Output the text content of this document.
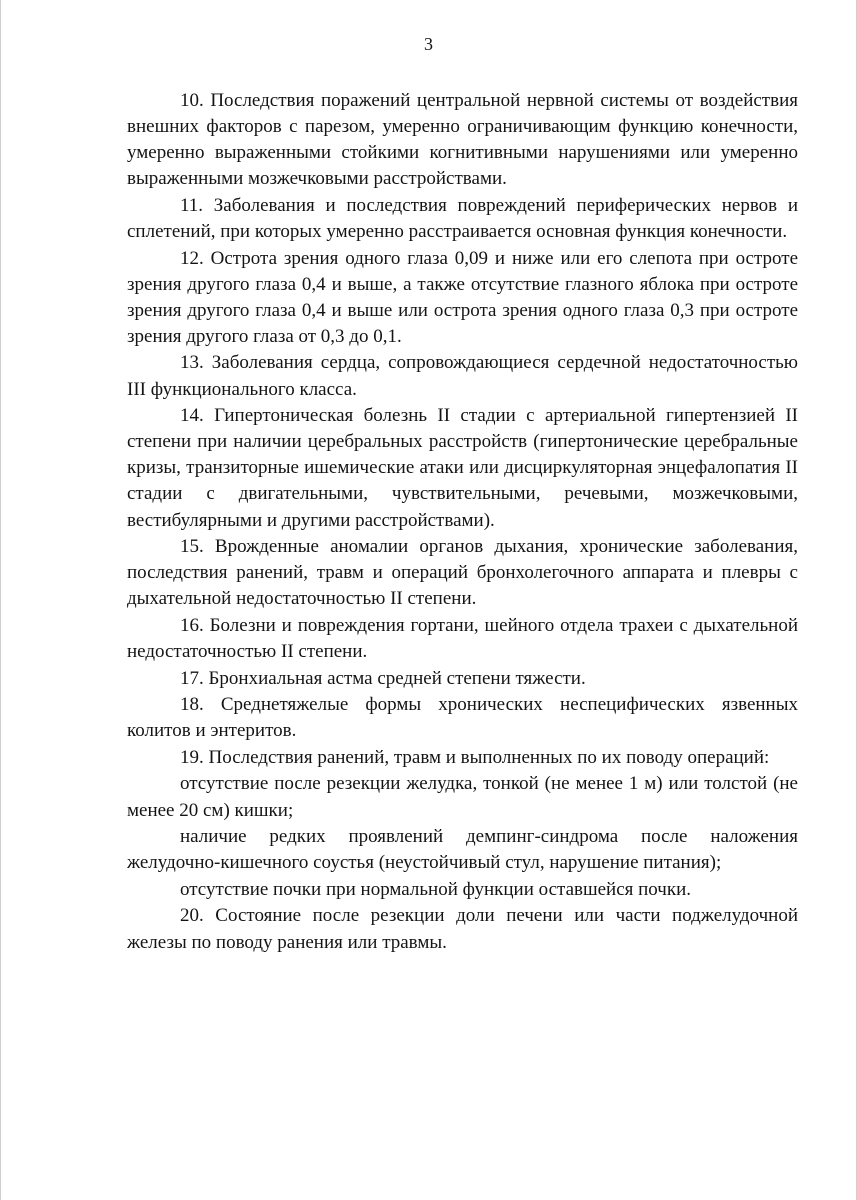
3

10. Последствия поражений центральной нервной системы от воздействия внешних факторов с парезом, умеренно ограничивающим функцию конечности, умеренно выраженными стойкими когнитивными нарушениями или умеренно выраженными мозжечковыми расстройствами.

11. Заболевания и последствия повреждений периферических нервов и сплетений, при которых умеренно расстраивается основная функция конечности.

12. Острота зрения одного глаза 0,09 и ниже или его слепота при остроте зрения другого глаза 0,4 и выше, а также отсутствие глазного яблока при остроте зрения другого глаза 0,4 и выше или острота зрения одного глаза 0,3 при остроте зрения другого глаза от 0,3 до 0,1.

13. Заболевания сердца, сопровождающиеся сердечной недостаточностью III функционального класса.

14. Гипертоническая болезнь II стадии с артериальной гипертензией II степени при наличии церебральных расстройств (гипертонические церебральные кризы, транзиторные ишемические атаки или дисциркуляторная энцефалопатия II стадии с двигательными, чувствительными, речевыми, мозжечковыми, вестибулярными и другими расстройствами).

15. Врожденные аномалии органов дыхания, хронические заболевания, последствия ранений, травм и операций бронхолегочного аппарата и плевры с дыхательной недостаточностью II степени.

16. Болезни и повреждения гортани, шейного отдела трахеи с дыхательной недостаточностью II степени.

17. Бронхиальная астма средней степени тяжести.

18. Среднетяжелые формы хронических неспецифических язвенных колитов и энтеритов.

19. Последствия ранений, травм и выполненных по их поводу операций:

отсутствие после резекции желудка, тонкой (не менее 1 м) или толстой (не менее 20 см) кишки;

наличие редких проявлений демпинг-синдрома после наложения желудочно-кишечного соустья (неустойчивый стул, нарушение питания);

отсутствие почки при нормальной функции оставшейся почки.

20. Состояние после резекции доли печени или части поджелудочной железы по поводу ранения или травмы.
